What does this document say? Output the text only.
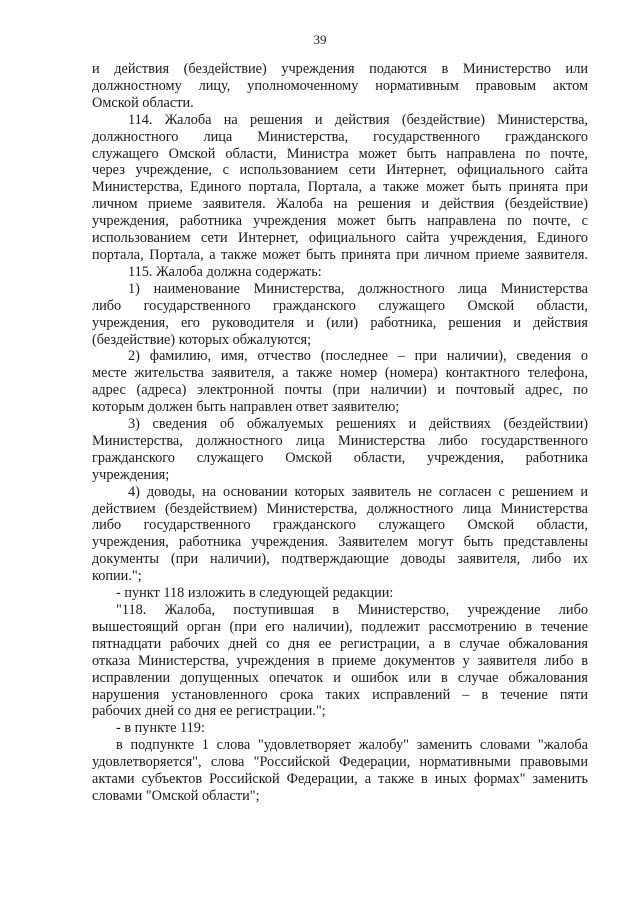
39
и действия (бездействие) учреждения подаются в Министерство или
должностному лицу, уполномоченному нормативным правовым актом
Омской области.
114. Жалоба на решения и действия (бездействие) Министерства,
должностного лица Министерства, государственного гражданского
служащего Омской области, Министра может быть направлена по почте,
через учреждение, с использованием сети Интернет, официального сайта
Министерства, Единого портала, Портала, а также может быть принята при
личном приеме заявителя. Жалоба на решения и действия (бездействие)
учреждения, работника учреждения может быть направлена по почте, с
использованием сети Интернет, официального сайта учреждения, Единого
портала, Портала, а также может быть принята при личном приеме заявителя.
115. Жалоба должна содержать:
1) наименование Министерства, должностного лица Министерства
либо государственного гражданского служащего Омской области,
учреждения, его руководителя и (или) работника, решения и действия
(бездействие) которых обжалуются;
2) фамилию, имя, отчество (последнее – при наличии), сведения о
месте жительства заявителя, а также номер (номера) контактного телефона,
адрес (адреса) электронной почты (при наличии) и почтовый адрес, по
которым должен быть направлен ответ заявителю;
3) сведения об обжалуемых решениях и действиях (бездействии)
Министерства, должностного лица Министерства либо государственного
гражданского служащего Омской области, учреждения, работника
учреждения;
4) доводы, на основании которых заявитель не согласен с решением и
действием (бездействием) Министерства, должностного лица Министерства
либо государственного гражданского служащего Омской области,
учреждения, работника учреждения. Заявителем могут быть представлены
документы (при наличии), подтверждающие доводы заявителя, либо их
копии.";
- пункт 118 изложить в следующей редакции:
"118. Жалоба, поступившая в Министерство, учреждение либо
вышестоящий орган (при его наличии), подлежит рассмотрению в течение
пятнадцати рабочих дней со дня ее регистрации, а в случае обжалования
отказа Министерства, учреждения в приеме документов у заявителя либо в
исправлении допущенных опечаток и ошибок или в случае обжалования
нарушения установленного срока таких исправлений – в течение пяти
рабочих дней со дня ее регистрации.";
- в пункте 119:
в подпункте 1 слова "удовлетворяет жалобу" заменить словами "жалоба
удовлетворяется", слова "Российской Федерации, нормативными правовыми
актами субъектов Российской Федерации, а также в иных формах" заменить
словами "Омской области";
